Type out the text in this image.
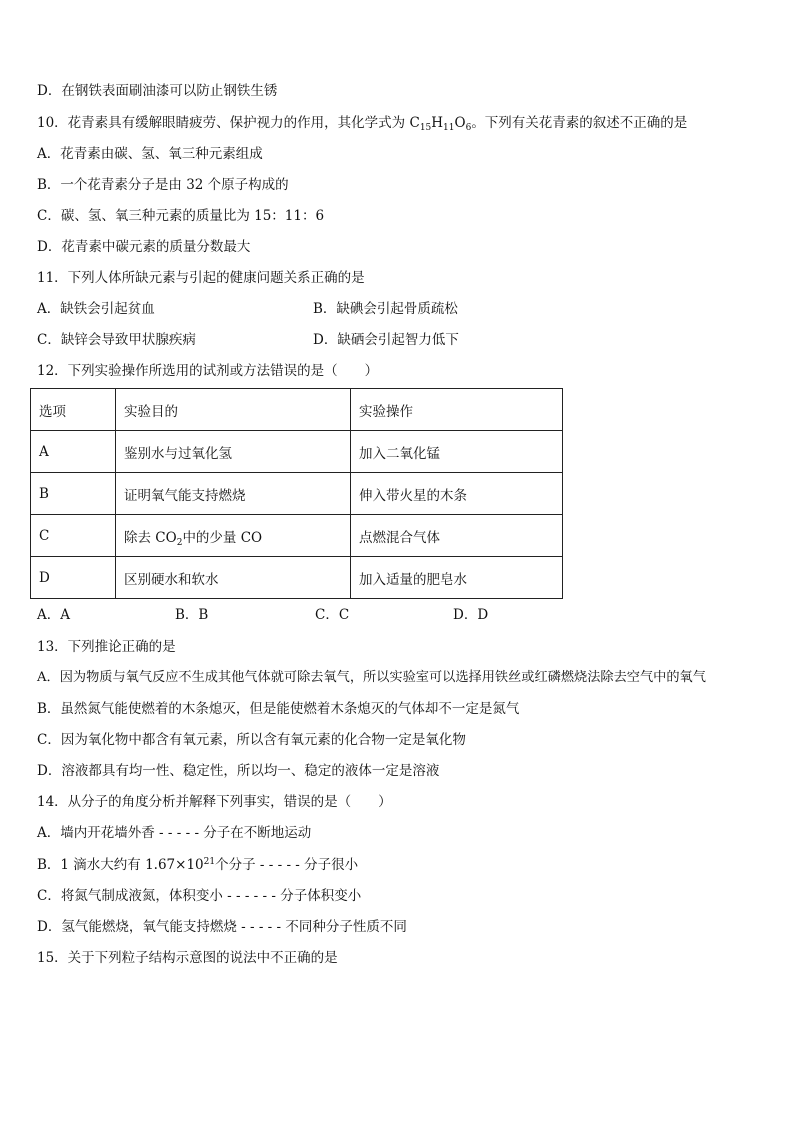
D．在钢铁表面刷油漆可以防止钢铁生锈
10．花青素具有缓解眼睛疲劳、保护视力的作用，其化学式为 $C_{15}H_{11}O_6$。下列有关花青素的叙述不正确的是
A．花青素由碳、氢、氧三种元素组成
B．一个花青素分子是由 32 个原子构成的
C．碳、氢、氧三种元素的质量比为 15：11：6
D．花青素中碳元素的质量分数最大
11．下列人体所缺元素与引起的健康问题关系正确的是
A．缺铁会引起贫血	B．缺碘会引起骨质疏松
C．缺锌会导致甲状腺疾病	D．缺硒会引起智力低下
12．下列实验操作所选用的试剂或方法错误的是（　　）
选项	实验目的	实验操作
A	鉴别水与过氧化氢	加入二氧化锰
B	证明氧气能支持燃烧	伸入带火星的木条
C	除去 $CO_2$中的少量 CO	点燃混合气体
D	区别硬水和软水	加入适量的肥皂水
A．A	B．B	C．C	D．D
13．下列推论正确的是
A．因为物质与氧气反应不生成其他气体就可除去氧气，所以实验室可以选择用铁丝或红磷燃烧法除去空气中的氧气
B．虽然氮气能使燃着的木条熄灭，但是能使燃着木条熄灭的气体却不一定是氮气
C．因为氧化物中都含有氧元素，所以含有氧元素的化合物一定是氧化物
D．溶液都具有均一性、稳定性，所以均一、稳定的液体一定是溶液
14．从分子的角度分析并解释下列事实，错误的是（　　）
A．墙内开花墙外香 - - - - - 分子在不断地运动
B．1 滴水大约有 $1.67\times 10^{21}$个分子 - - - - - 分子很小
C．将氮气制成液氮，体积变小 - - - - - - 分子体积变小
D．氢气能燃烧，氧气能支持燃烧 - - - - - 不同种分子性质不同
15．关于下列粒子结构示意图的说法中不正确的是
